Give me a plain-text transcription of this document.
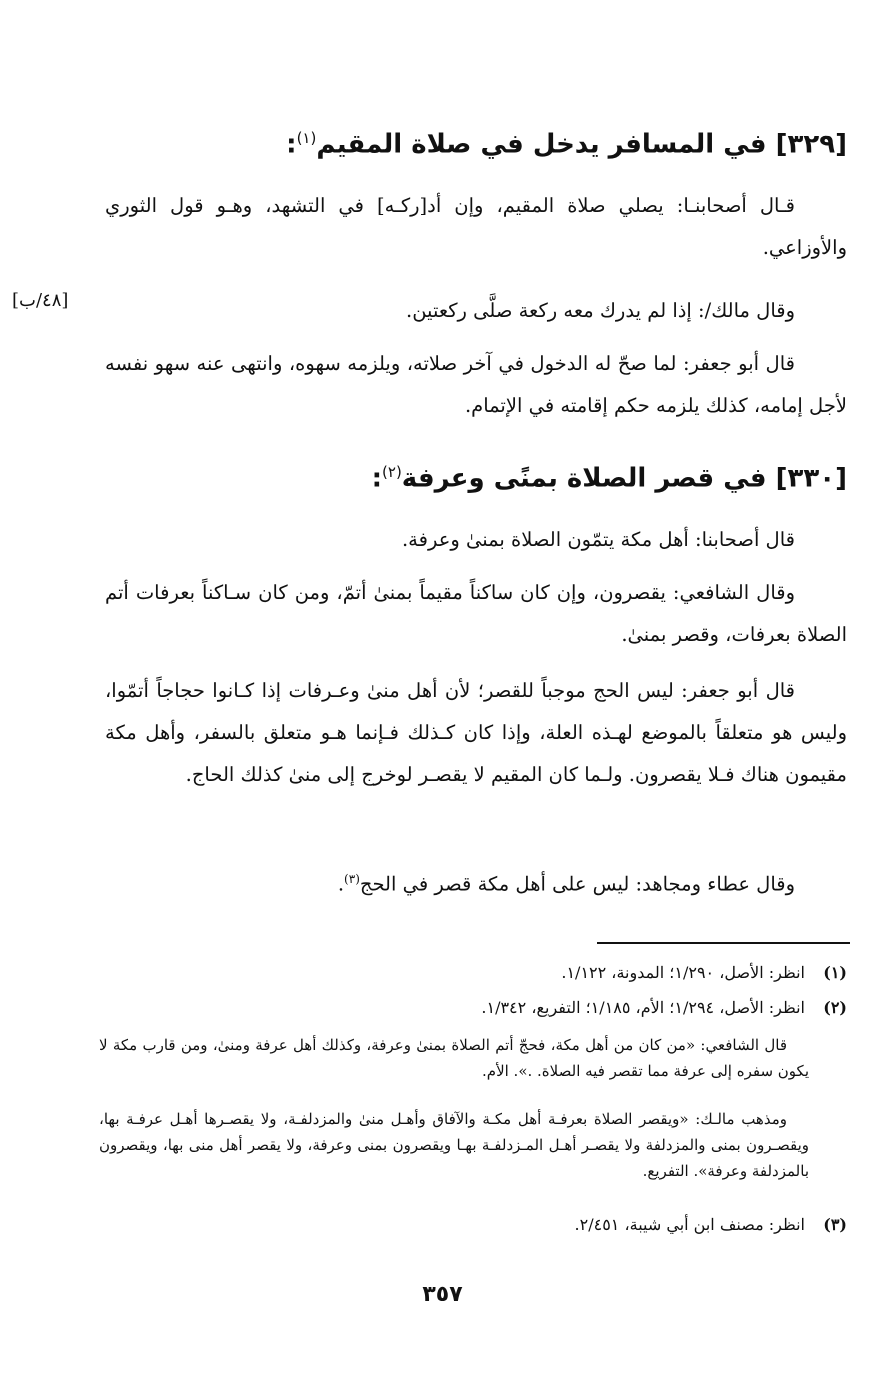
[٤٨/ب]
[٣٢٩] في المسافر يدخل في صلاة المقيم$^{(١)}$:
قـال أصحابنـا: يصلي صلاة المقيم، وإن أد[ركـه] في التشهد، وهـو قول الثوري والأوزاعي.
وقال مالك/: إذا لم يدرك معه ركعة صلَّى ركعتين.
قال أبو جعفر: لما صحّ له الدخول في آخر صلاته، ويلزمه سهوه، وانتهى عنه سهو نفسه لأجل إمامه، كذلك يلزمه حكم إقامته في الإتمام.
[٣٣٠] في قصر الصلاة بمنًى وعرفة$^{(٢)}$:
قال أصحابنا: أهل مكة يتمّون الصلاة بمنىٰ وعرفة.
وقال الشافعي: يقصرون، وإن كان ساكناً مقيماً بمنىٰ أتمّ، ومن كان سـاكناً بعرفات أتم الصلاة بعرفات، وقصر بمنىٰ.
قال أبو جعفر: ليس الحج موجباً للقصر؛ لأن أهل منىٰ وعـرفات إذا كـانوا حجاجاً أتمّوا، وليس هو متعلقاً بالموضع لهـذه العلة، وإذا كان كـذلك فـإنما هـو متعلق بالسفر، وأهل مكة مقيمون هناك فـلا يقصرون. ولـما كان المقيم لا يقصـر لوخرج إلى منىٰ كذلك الحاج.
وقال عطاء ومجاهد: ليس على أهل مكة قصر في الحج$^{(٣)}$.
(١)
انظر: الأصل، ١/٢٩٠؛ المدونة، ١/١٢٢.
(٢)
انظر: الأصل، ١/٢٩٤؛ الأم، ١/١٨٥؛ التفريع، ١/٣٤٢.
قال الشافعي: «من كان من أهل مكة، فحجّ أتم الصلاة بمنىٰ وعرفة، وكذلك أهل عرفة ومنىٰ، ومن قارب مكة لا يكون سفره إلى عرفة مما تقصر فيه الصلاة. .». الأم.
ومذهب مالـك: «ويقصر الصلاة بعرفـة أهل مكـة والآفاق وأهـل منىٰ والمزدلفـة، ولا يقصـرها أهـل عرفـة بها، ويقصـرون بمنى والمزدلفة ولا يقصـر أهـل المـزدلفـة بهـا ويقصرون بمنى وعرفة، ولا يقصر أهل منى بها، ويقصرون بالمزدلفة وعرفة». التفريع.
(٣)
انظر: مصنف ابن أبي شيبة، ٢/٤٥١.
٣٥٧
